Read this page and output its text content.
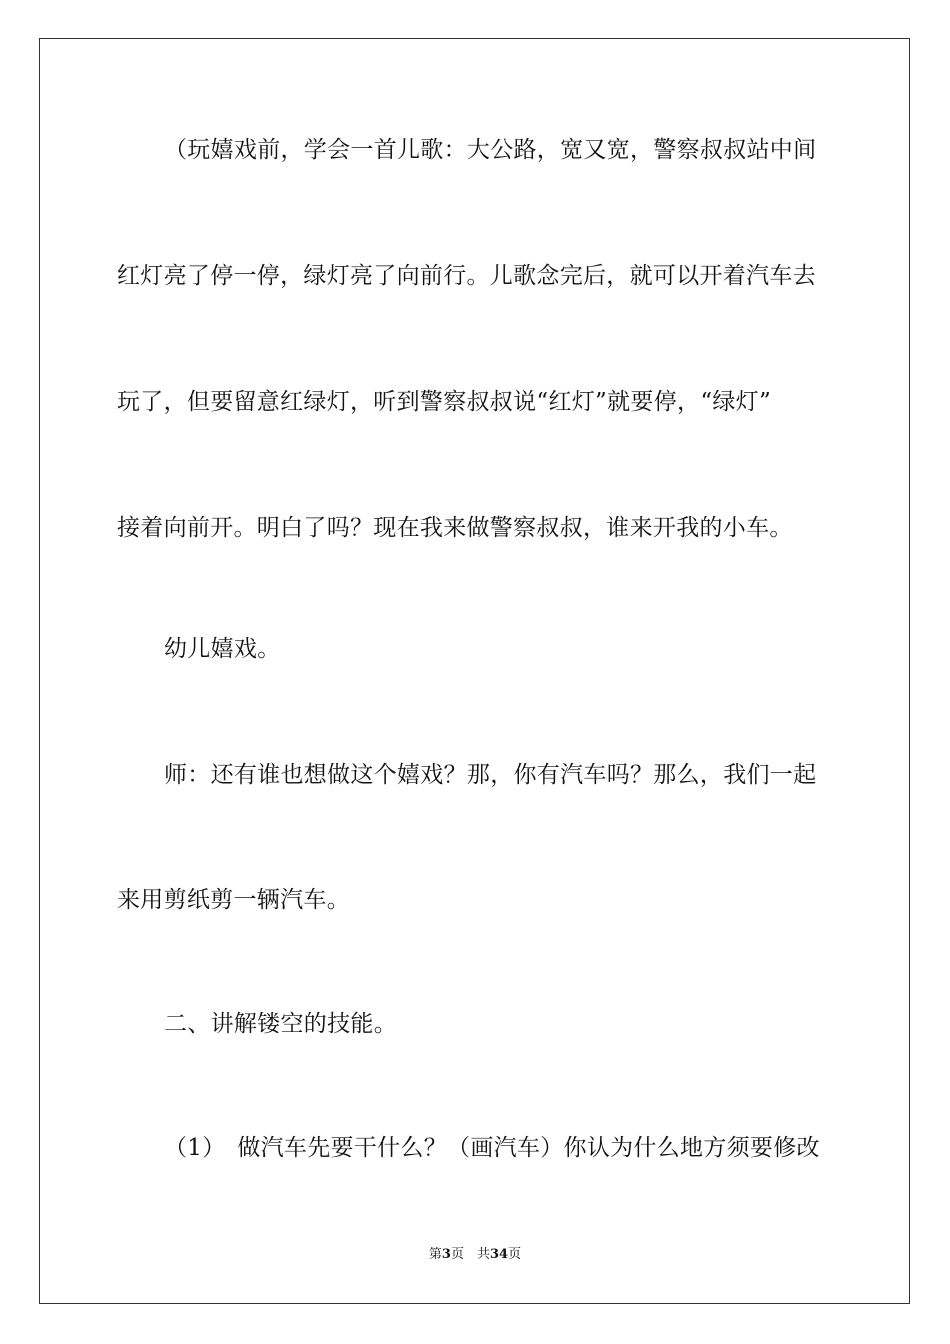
（玩嬉戏前，学会一首儿歌：大公路，宽又宽，警察叔叔站中间
红灯亮了停一停，绿灯亮了向前行。儿歌念完后，就可以开着汽车去
玩了，但要留意红绿灯，听到警察叔叔说“红灯”就要停，“绿灯”
接着向前开。明白了吗？现在我来做警察叔叔，谁来开我的小车。
幼儿嬉戏。
师：还有谁也想做这个嬉戏？那，你有汽车吗？那么，我们一起
来用剪纸剪一辆汽车。
二、讲解镂空的技能。
（1）　做汽车先要干什么？（画汽车）你认为什么地方须要修改
第3页　共34页
